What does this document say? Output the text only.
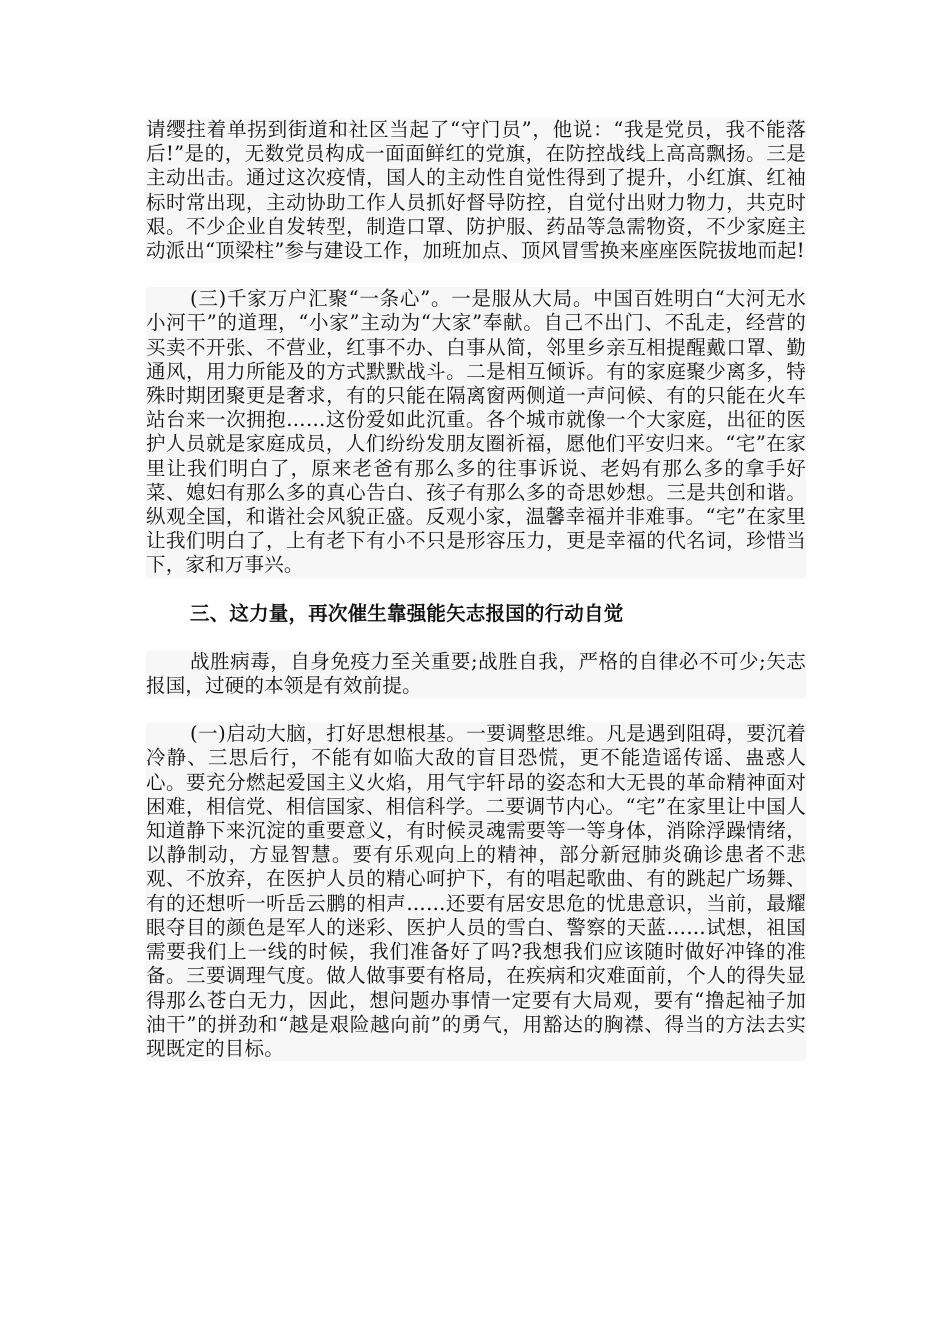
请缨拄着单拐到街道和社区当起了“守门员”，他说：“我是党员，我不能落后!”是的，无数党员构成一面面鲜红的党旗，在防控战线上高高飘扬。三是主动出击。通过这次疫情，国人的主动性自觉性得到了提升，小红旗、红袖标时常出现，主动协助工作人员抓好督导防控，自觉付出财力物力，共克时艰。不少企业自发转型，制造口罩、防护服、药品等急需物资，不少家庭主动派出“顶梁柱”参与建设工作，加班加点、顶风冒雪换来座座医院拔地而起!

(三)千家万户汇聚“一条心”。一是服从大局。中国百姓明白“大河无水小河干”的道理，“小家”主动为“大家”奉献。自己不出门、不乱走，经营的买卖不开张、不营业，红事不办、白事从简，邻里乡亲互相提醒戴口罩、勤通风，用力所能及的方式默默战斗。二是相互倾诉。有的家庭聚少离多，特殊时期团聚更是奢求，有的只能在隔离窗两侧道一声问候、有的只能在火车站台来一次拥抱……这份爱如此沉重。各个城市就像一个大家庭，出征的医护人员就是家庭成员，人们纷纷发朋友圈祈福，愿他们平安归来。“宅”在家里让我们明白了，原来老爸有那么多的往事诉说、老妈有那么多的拿手好菜、媳妇有那么多的真心告白、孩子有那么多的奇思妙想。三是共创和谐。纵观全国，和谐社会风貌正盛。反观小家，温馨幸福并非难事。“宅”在家里让我们明白了，上有老下有小不只是形容压力，更是幸福的代名词，珍惜当下，家和万事兴。

三、这力量，再次催生靠强能矢志报国的行动自觉

战胜病毒，自身免疫力至关重要;战胜自我，严格的自律必不可少;矢志报国，过硬的本领是有效前提。

(一)启动大脑，打好思想根基。一要调整思维。凡是遇到阻碍，要沉着冷静、三思后行，不能有如临大敌的盲目恐慌，更不能造谣传谣、蛊惑人心。要充分燃起爱国主义火焰，用气宇轩昂的姿态和大无畏的革命精神面对困难，相信党、相信国家、相信科学。二要调节内心。“宅”在家里让中国人知道静下来沉淀的重要意义，有时候灵魂需要等一等身体，消除浮躁情绪，以静制动，方显智慧。要有乐观向上的精神，部分新冠肺炎确诊患者不悲观、不放弃，在医护人员的精心呵护下，有的唱起歌曲、有的跳起广场舞、有的还想听一听岳云鹏的相声……还要有居安思危的忧患意识，当前，最耀眼夺目的颜色是军人的迷彩、医护人员的雪白、警察的天蓝……试想，祖国需要我们上一线的时候，我们准备好了吗?我想我们应该随时做好冲锋的准备。三要调理气度。做人做事要有格局，在疾病和灾难面前，个人的得失显得那么苍白无力，因此，想问题办事情一定要有大局观，要有“撸起袖子加油干”的拼劲和“越是艰险越向前”的勇气，用豁达的胸襟、得当的方法去实现既定的目标。
